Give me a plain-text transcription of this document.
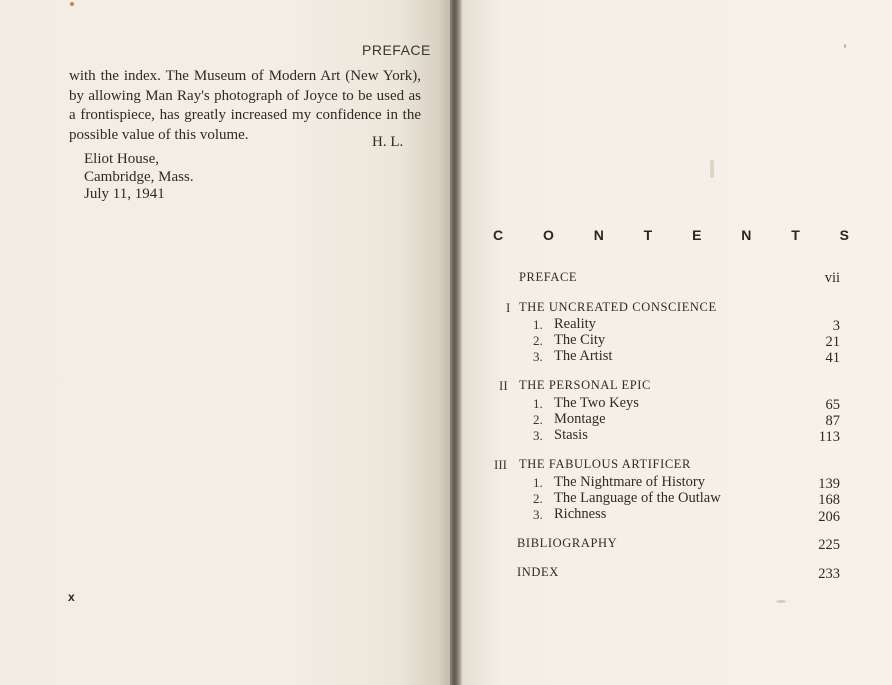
PREFACE

with the index. The Museum of Modern Art (New York), by allowing Man Ray's photograph of Joyce to be used as a frontispiece, has greatly increased my confidence in the possible value of this volume.	H. L.
Eliot House,
Cambridge, Mass.
July 11, 1941
x
C	O	N	T	E	N	T	S
PREFACE	vii
I THE UNCREATED CONSCIENCE
1. Reality	3
2. The City	21
3. The Artist	41
II THE PERSONAL EPIC
1. The Two Keys	65
2. Montage	87
3. Stasis	113
III THE FABULOUS ARTIFICER
1. The Nightmare of History	139
2. The Language of the Outlaw	168
3. Richness	206
BIBLIOGRAPHY	225
INDEX	233
